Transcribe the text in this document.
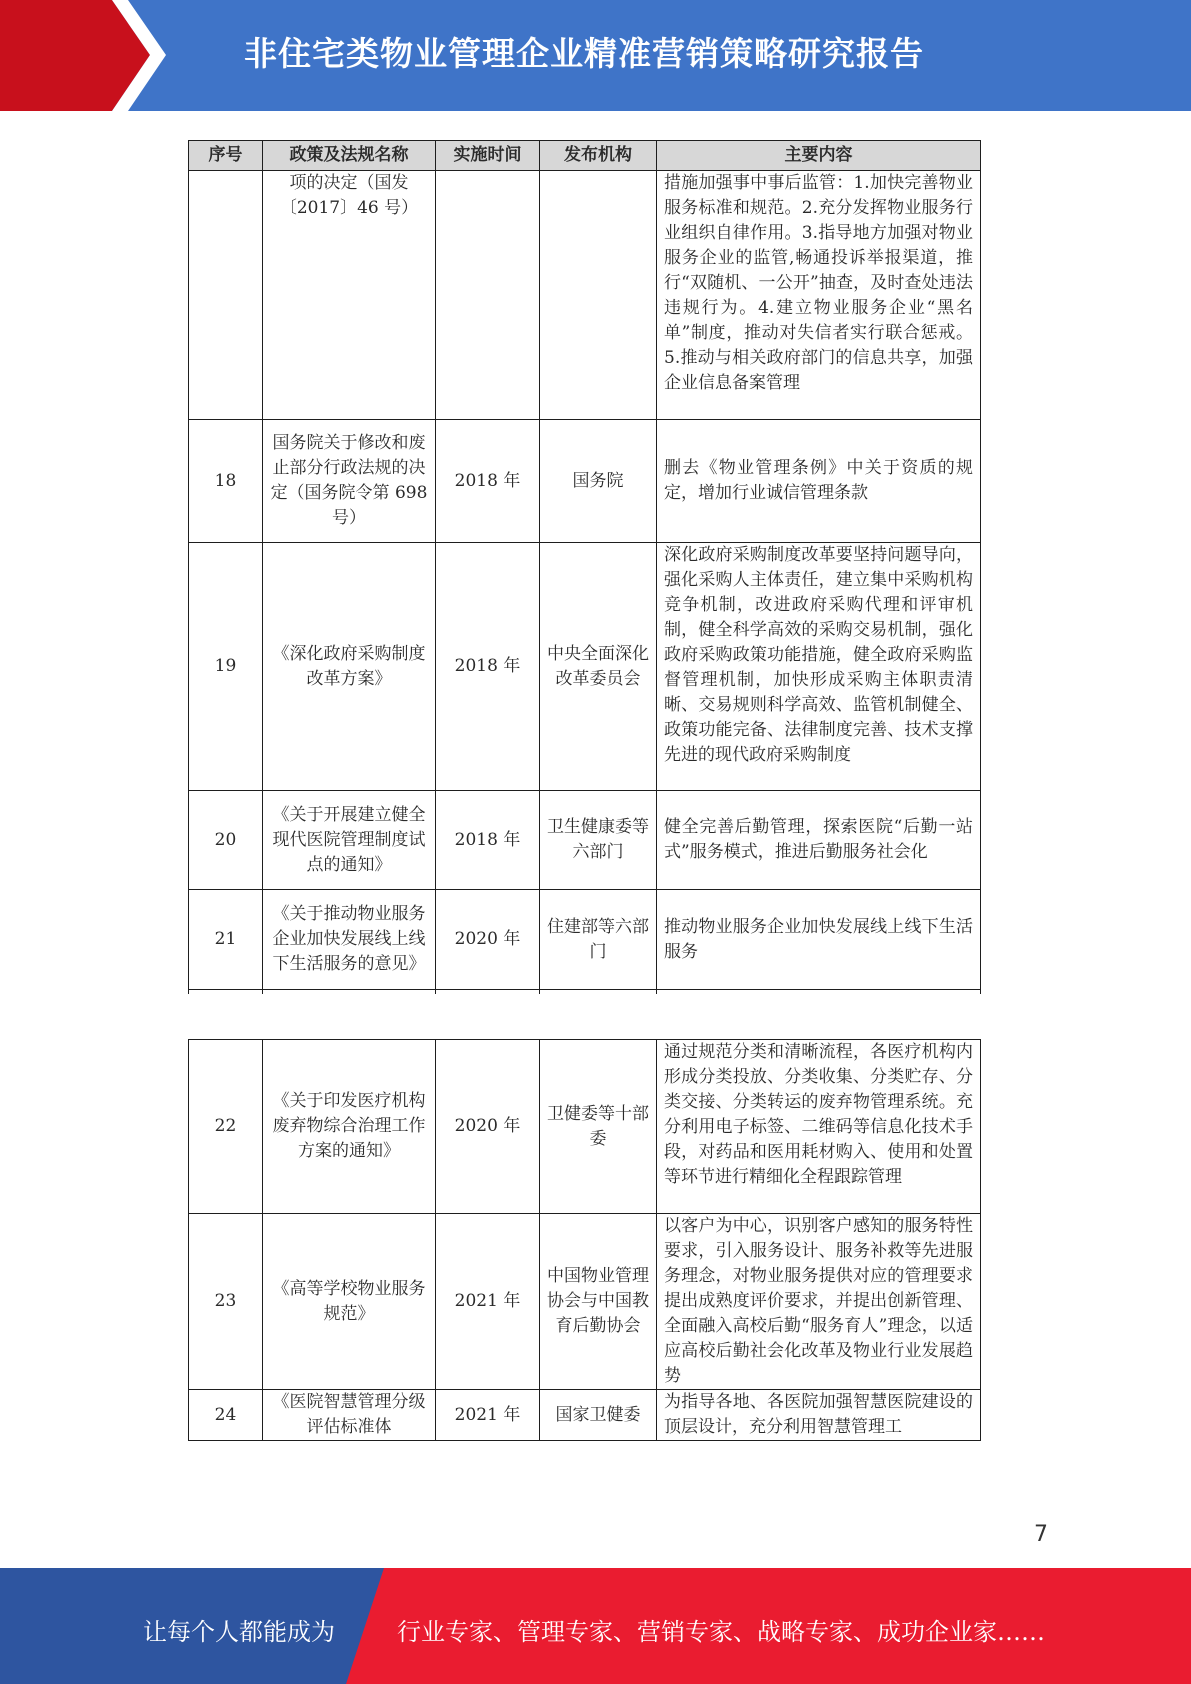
非住宅类物业管理企业精准营销策略研究报告
序号	政策及法规名称	实施时间	发布机构	主要内容
	项的决定（国发〔2017〕46 号）			措施加强事中事后监管：1.加快完善物业服务标准和规范。2.充分发挥物业服务行业组织自律作用。3.指导地方加强对物业服务企业的监管,畅通投诉举报渠道，推行“双随机、一公开”抽查，及时查处违法违规行为。4.建立物业服务企业“黑名单”制度，推动对失信者实行联合惩戒。5.推动与相关政府部门的信息共享，加强企业信息备案管理
18	国务院关于修改和废止部分行政法规的决定（国务院令第 698 号）	2018 年	国务院	删去《物业管理条例》中关于资质的规定，增加行业诚信管理条款
19	《深化政府采购制度改革方案》	2018 年	中央全面深化改革委员会	深化政府采购制度改革要坚持问题导向，强化采购人主体责任，建立集中采购机构竞争机制，改进政府采购代理和评审机制，健全科学高效的采购交易机制，强化政府采购政策功能措施，健全政府采购监督管理机制，加快形成采购主体职责清晰、交易规则科学高效、监管机制健全、政策功能完备、法律制度完善、技术支撑先进的现代政府采购制度
20	《关于开展建立健全现代医院管理制度试点的通知》	2018 年	卫生健康委等六部门	健全完善后勤管理，探索医院“后勤一站式”服务模式，推进后勤服务社会化
21	《关于推动物业服务企业加快发展线上线下生活服务的意见》	2020 年	住建部等六部门	推动物业服务企业加快发展线上线下生活服务

22	《关于印发医疗机构废弃物综合治理工作方案的通知》	2020 年	卫健委等十部委	通过规范分类和清晰流程，各医疗机构内形成分类投放、分类收集、分类贮存、分类交接、分类转运的废弃物管理系统。充分利用电子标签、二维码等信息化技术手段，对药品和医用耗材购入、使用和处置等环节进行精细化全程跟踪管理
23	《高等学校物业服务规范》	2021 年	中国物业管理协会与中国教育后勤协会	以客户为中心，识别客户感知的服务特性要求，引入服务设计、服务补救等先进服务理念，对物业服务提供对应的管理要求提出成熟度评价要求，并提出创新管理、全面融入高校后勤“服务育人”理念，以适应高校后勤社会化改革及物业行业发展趋势
24	《医院智慧管理分级评估标准体	2021 年	国家卫健委	为指导各地、各医院加强智慧医院建设的顶层设计，充分利用智慧管理工
7
让每个人都能成为	行业专家、管理专家、营销专家、战略专家、成功企业家……
